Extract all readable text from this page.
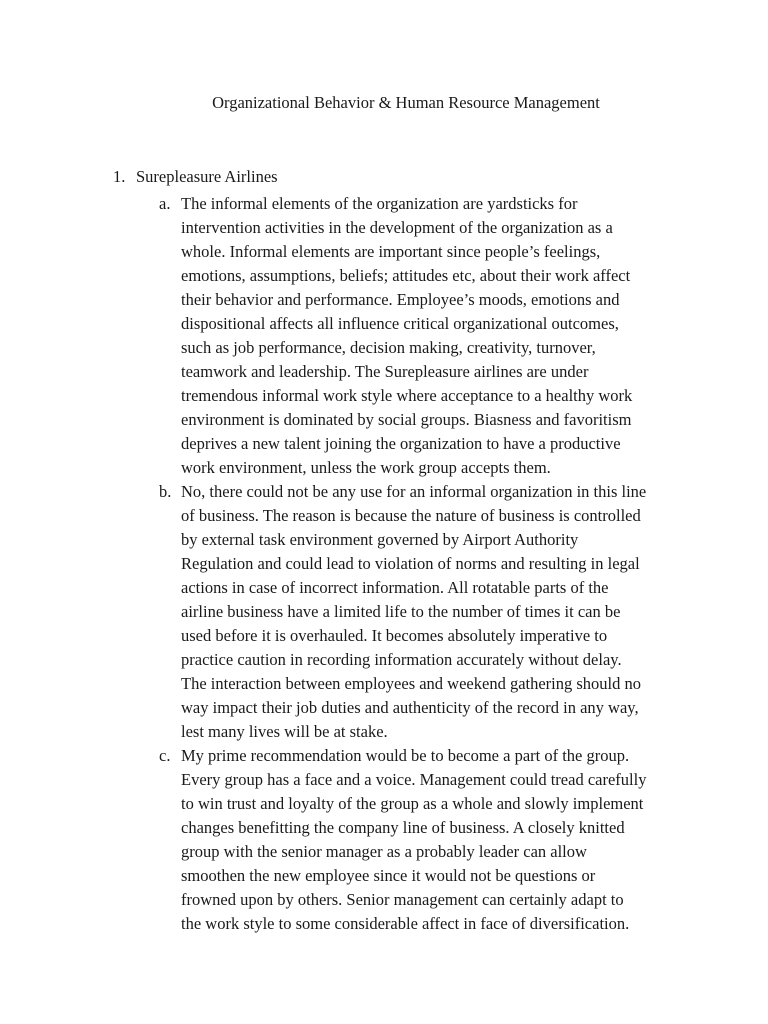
Organizational Behavior & Human Resource Management
1. Surepleasure Airlines
a. The informal elements of the organization are yardsticks for
intervention activities in the development of the organization as a
whole. Informal elements are important since people’s feelings,
emotions, assumptions, beliefs; attitudes etc, about their work affect
their behavior and performance. Employee’s moods, emotions and
dispositional affects all influence critical organizational outcomes,
such as job performance, decision making, creativity, turnover,
teamwork and leadership. The Surepleasure airlines are under
tremendous informal work style where acceptance to a healthy work
environment is dominated by social groups. Biasness and favoritism
deprives a new talent joining the organization to have a productive
work environment, unless the work group accepts them.
b. No, there could not be any use for an informal organization in this line
of business. The reason is because the nature of business is controlled
by external task environment governed by Airport Authority
Regulation and could lead to violation of norms and resulting in legal
actions in case of incorrect information. All rotatable parts of the
airline business have a limited life to the number of times it can be
used before it is overhauled. It becomes absolutely imperative to
practice caution in recording information accurately without delay.
The interaction between employees and weekend gathering should no
way impact their job duties and authenticity of the record in any way,
lest many lives will be at stake.
c. My prime recommendation would be to become a part of the group.
Every group has a face and a voice. Management could tread carefully
to win trust and loyalty of the group as a whole and slowly implement
changes benefitting the company line of business. A closely knitted
group with the senior manager as a probably leader can allow
smoothen the new employee since it would not be questions or
frowned upon by others. Senior management can certainly adapt to
the work style to some considerable affect in face of diversification.
